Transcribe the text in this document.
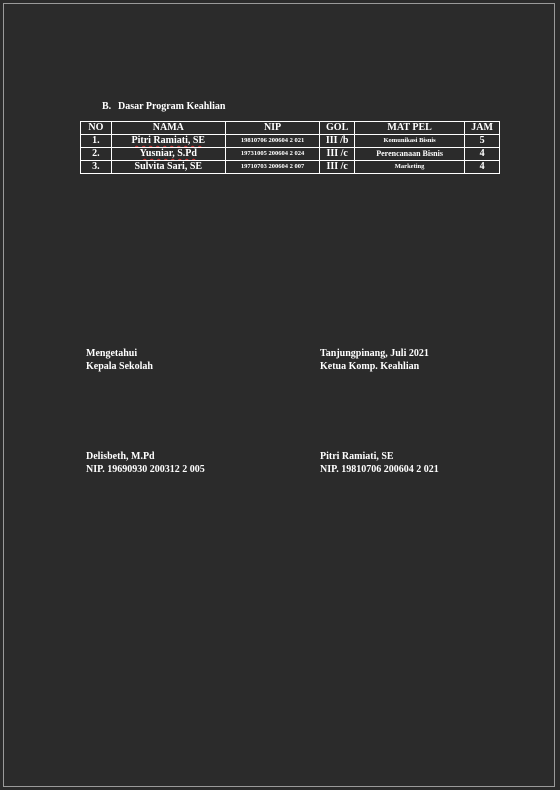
B. Dasar Program Keahlian
NO	NAMA	NIP	GOL	MAT PEL	JAM
1.	Pitri Ramiati, SE	19810706 200604 2 021	III /b	Komunikasi Bisnis	5
2.	Yusniar, S.Pd	19731005 200604 2 024	III /c	Perencanaan Bisnis	4
3.	Sulvita Sari, SE	19710703 200604 2 007	III /c	Marketing	4
Mengetahui
Kepala Sekolah
Tanjungpinang, Juli 2021
Ketua Komp. Keahlian
Delisbeth, M.Pd
NIP. 19690930 200312 2 005
Pitri Ramiati, SE
NIP. 19810706 200604 2 021
